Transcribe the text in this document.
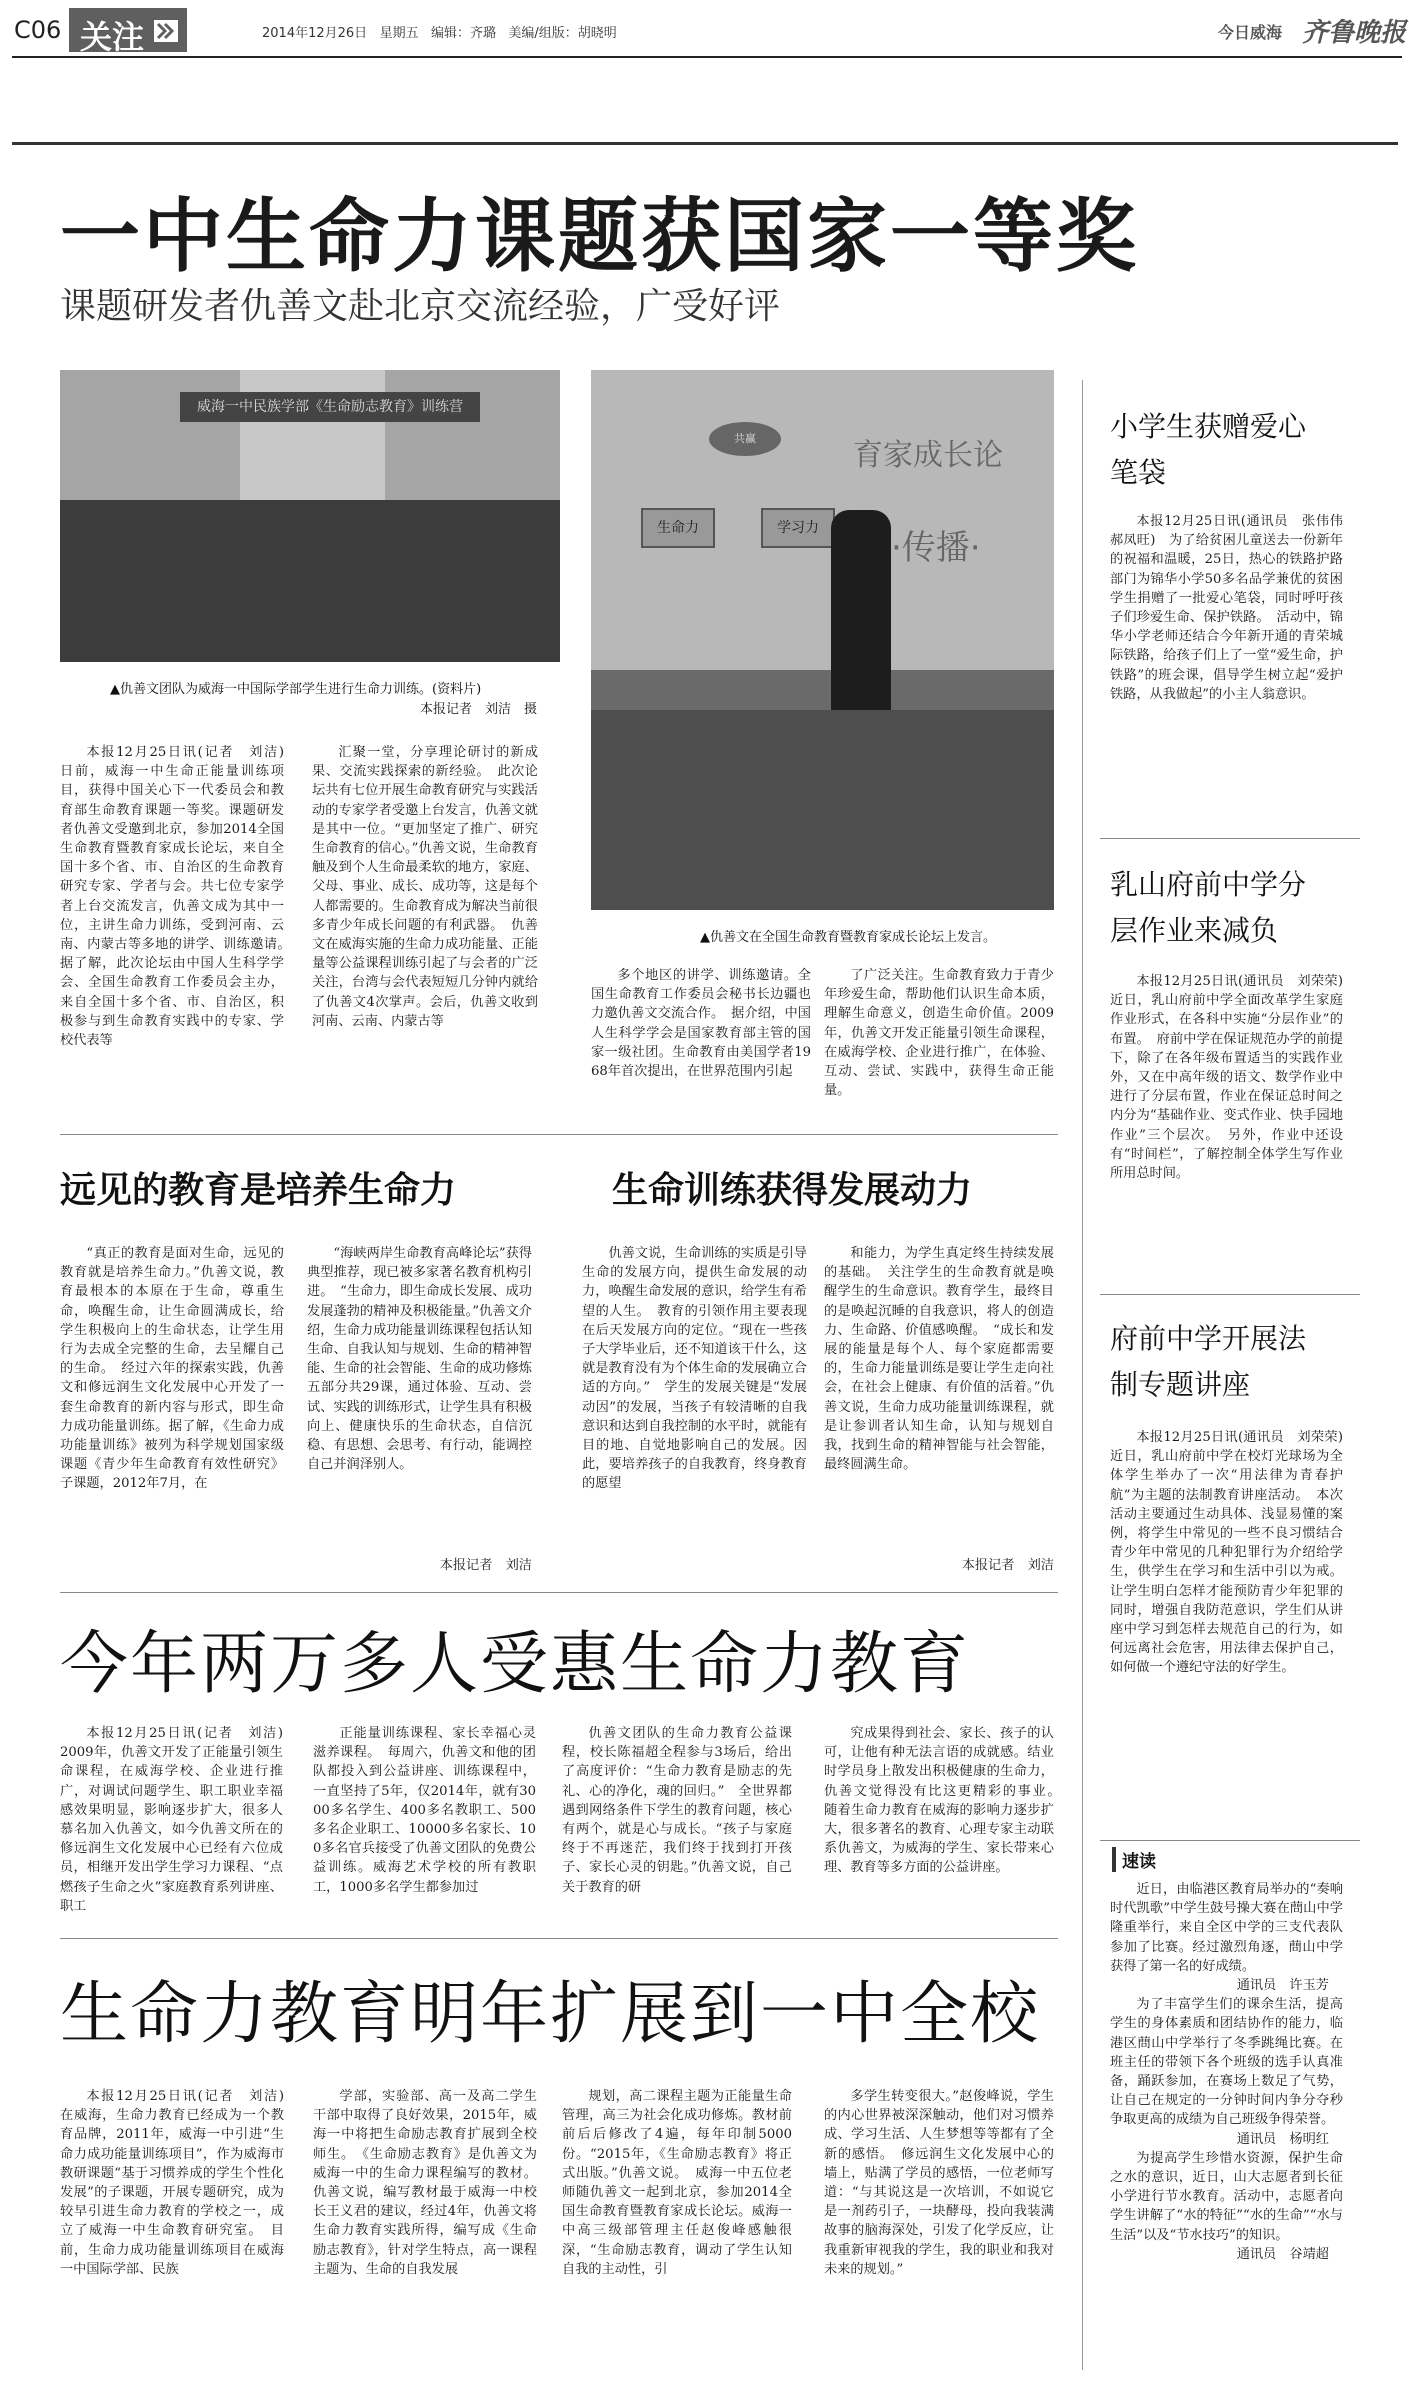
C06 关注	2014年12月26日 星期五 编辑：齐璐 美编/组版：胡晓明	今日威海 齐鲁晚报
一中生命力课题获国家一等奖
课题研发者仇善文赴北京交流经验，广受好评
威海一中民族学部《生命励志教育》训练营
▲仇善文团队为威海一中国际学部学生进行生命力训练。(资料片)
本报记者　刘洁　摄
共赢
生命力	学习力
育家成长论
·传播·
▲仇善文在全国生命教育暨教育家成长论坛上发言。

本报12月25日讯(记者　刘洁)　日前，威海一中生命正能量训练项目，获得中国关心下一代委员会和教育部生命教育课题一等奖。课题研发者仇善文受邀到北京，参加2014全国生命教育暨教育家成长论坛，来自全国十多个省、市、自治区的生命教育研究专家、学者与会。共七位专家学者上台交流发言，仇善文成为其中一位，主讲生命力训练，受到河南、云南、内蒙古等多地的讲学、训练邀请。　据了解，此次论坛由中国人生科学学会、全国生命教育工作委员会主办，来自全国十多个省、市、自治区，积极参与到生命教育实践中的专家、学校代表等

汇聚一堂，分享理论研讨的新成果、交流实践探索的新经验。　此次论坛共有七位开展生命教育研究与实践活动的专家学者受邀上台发言，仇善文就是其中一位。“更加坚定了推广、研究生命教育的信心。”仇善文说，生命教育触及到个人生命最柔软的地方，家庭、父母、事业、成长、成功等，这是每个人都需要的。生命教育成为解决当前很多青少年成长问题的有利武器。　仇善文在威海实施的生命力成功能量、正能量等公益课程训练引起了与会者的广泛关注，台湾与会代表短短几分钟内就给了仇善文4次掌声。会后，仇善文收到河南、云南、内蒙古等

多个地区的讲学、训练邀请。全国生命教育工作委员会秘书长边疆也力邀仇善文交流合作。　据介绍，中国人生科学学会是国家教育部主管的国家一级社团。生命教育由美国学者1968年首次提出，在世界范围内引起

了广泛关注。生命教育致力于青少年珍爱生命，帮助他们认识生命本质，理解生命意义，创造生命价值。2009年，仇善文开发正能量引领生命课程，在威海学校、企业进行推广，在体验、互动、尝试、实践中，获得生命正能量。

远见的教育是培养生命力

“真正的教育是面对生命，远见的教育就是培养生命力。”仇善文说，教育最根本的本原在于生命，尊重生命，唤醒生命，让生命圆满成长，给学生积极向上的生命状态，让学生用行为去成全完整的生命，去呈耀自己的生命。　经过六年的探索实践，仇善文和修远润生文化发展中心开发了一套生命教育的新内容与形式，即生命力成功能量训练。据了解，《生命力成功能量训练》被列为科学规划国家级课题《青少年生命教育有效性研究》子课题，2012年7月，在

“海峡两岸生命教育高峰论坛”获得典型推荐，现已被多家著名教育机构引进。　“生命力，即生命成长发展、成功发展蓬勃的精神及积极能量。”仇善文介绍，生命力成功能量训练课程包括认知生命、自我认知与规划、生命的精神智能、生命的社会智能、生命的成功修炼五部分共29课，通过体验、互动、尝试、实践的训练形式，让学生具有积极向上、健康快乐的生命状态，自信沉稳、有思想、会思考、有行动，能调控自己并润泽别人。

本报记者　刘洁
生命训练获得发展动力

仇善文说，生命训练的实质是引导生命的发展方向，提供生命发展的动力，唤醒生命发展的意识，给学生有希望的人生。　教育的引领作用主要表现在后天发展方向的定位。“现在一些孩子大学毕业后，还不知道该干什么，这就是教育没有为个体生命的发展确立合适的方向。”　学生的发展关键是“发展动因”的发展，当孩子有较清晰的自我意识和达到自我控制的水平时，就能有目的地、自觉地影响自己的发展。因此，要培养孩子的自我教育，终身教育的愿望

和能力，为学生真定终生持续发展的基础。　关注学生的生命教育就是唤醒学生的生命意识。教育学生，最终目的是唤起沉睡的自我意识，将人的创造力、生命路、价值感唤醒。　“成长和发展的能量是每个人、每个家庭都需要的，生命力能量训练是要让学生走向社会，在社会上健康、有价值的活着。”仇善文说，生命力成功能量训练课程，就是让参训者认知生命，认知与规划自我，找到生命的精神智能与社会智能，最终圆满生命。

本报记者　刘洁
今年两万多人受惠生命力教育

本报12月25日讯(记者　刘洁)　2009年，仇善文开发了正能量引领生命课程，在威海学校、企业进行推广，对调试问题学生、职工职业幸福感效果明显，影响逐步扩大，很多人慕名加入仇善文，如今仇善文所在的修远润生文化发展中心已经有六位成员，相继开发出学生学习力课程、“点燃孩子生命之火”家庭教育系列讲座、职工

正能量训练课程、家长幸福心灵滋养课程。　每周六，仇善文和他的团队都投入到公益讲座、训练课程中，一直坚持了5年，仅2014年，就有3000多名学生、400多名教职工、500多名企业职工、10000多名家长、100多名官兵接受了仇善文团队的免费公益训练。威海艺术学校的所有教职工，1000多名学生都参加过

仇善文团队的生命力教育公益课程，校长陈福超全程参与3场后，给出了高度评价：“生命力教育是励志的先礼、心的净化，魂的回归。”　全世界都遇到网络条件下学生的教育问题，核心有两个，就是心与成长。“孩子与家庭终于不再迷茫，我们终于找到打开孩子、家长心灵的钥匙。”仇善文说，自己关于教育的研

究成果得到社会、家长、孩子的认可，让他有种无法言语的成就感。结业时学员身上散发出积极健康的生命力，仇善文觉得没有比这更精彩的事业。　随着生命力教育在威海的影响力逐步扩大，很多著名的教育、心理专家主动联系仇善文，为威海的学生、家长带来心理、教育等多方面的公益讲座。

生命力教育明年扩展到一中全校

本报12月25日讯(记者　刘洁)　在威海，生命力教育已经成为一个教育品牌，2011年，威海一中引进“生命力成功能量训练项目”，作为威海市教研课题“基于习惯养成的学生个性化发展”的子课题，开展专题研究，成为较早引进生命力教育的学校之一，成立了威海一中生命教育研究室。　目前，生命力成功能量训练项目在威海一中国际学部、民族

学部，实验部、高一及高二学生干部中取得了良好效果，2015年，威海一中将把生命励志教育扩展到全校师生。　《生命励志教育》是仇善文为威海一中的生命力课程编写的教材。仇善文说，编写教材最于威海一中校长王义君的建议，经过4年，仇善文将生命力教育实践所得，编写成《生命励志教育》，针对学生特点，高一课程主题为、生命的自我发展

规划，高二课程主题为正能量生命管理，高三为社会化成功修炼。教材前前后后修改了4遍，每年印制5000份。“2015年，《生命励志教育》将正式出版。”仇善文说。　威海一中五位老师随仇善文一起到北京，参加2014全国生命教育暨教育家成长论坛。威海一中高三级部管理主任赵俊峰感触很深，“生命励志教育，调动了学生认知自我的主动性，引

多学生转变很大。”赵俊峰说，学生的内心世界被深深触动，他们对习惯养成、学习生活、人生梦想等等都有了全新的感悟。　修远润生文化发展中心的墙上，贴满了学员的感悟，一位老师写道：“与其说这是一次培训，不如说它是一剂药引子，一块酵母，投向我装满故事的脑海深处，引发了化学反应，让我重新审视我的学生，我的职业和我对未来的规划。”

小学生获赠爱心笔袋

本报12月25日讯(通讯员　张伟伟　郝凤旺)　为了给贫困儿童送去一份新年的祝福和温暖，25日，热心的铁路护路部门为锦华小学50多名品学兼优的贫困学生捐赠了一批爱心笔袋，同时呼吁孩子们珍爱生命、保护铁路。　活动中，锦华小学老师还结合今年新开通的青荣城际铁路，给孩子们上了一堂“爱生命，护铁路”的班会课，倡导学生树立起“爱护铁路，从我做起”的小主人翁意识。

乳山府前中学分层作业来减负

本报12月25日讯(通讯员　刘荣荣)　近日，乳山府前中学全面改革学生家庭作业形式，在各科中实施“分层作业”的布置。　府前中学在保证规范办学的前提下，除了在各年级布置适当的实践作业外，又在中高年级的语文、数学作业中进行了分层布置，作业在保证总时间之内分为“基础作业、变式作业、快手园地作业”三个层次。　另外，作业中还设有“时间栏”，了解控制全体学生写作业所用总时间。

府前中学开展法制专题讲座

本报12月25日讯(通讯员　刘荣荣)　近日，乳山府前中学在校灯光球场为全体学生举办了一次“用法律为青春护航”为主题的法制教育讲座活动。　本次活动主要通过生动具体、浅显易懂的案例，将学生中常见的一些不良习惯结合青少年中常见的几种犯罪行为介绍给学生，供学生在学习和生活中引以为戒。让学生明白怎样才能预防青少年犯罪的同时，增强自我防范意识，学生们从讲座中学习到怎样去规范自己的行为，如何远离社会危害，用法律去保护自己，如何做一个遵纪守法的好学生。

速读

近日，由临港区教育局举办的“奏响时代凯歌”中学生鼓号操大赛在蔄山中学隆重举行，来自全区中学的三支代表队参加了比赛。经过激烈角逐，蔄山中学获得了第一名的好成绩。

通讯员　许玉芳

为了丰富学生们的课余生活，提高学生的身体素质和团结协作的能力，临港区蔄山中学举行了冬季跳绳比赛。在班主任的带领下各个班级的选手认真准备，踊跃参加，在赛场上数足了气势，让自己在规定的一分钟时间内争分夺秒争取更高的成绩为自己班级争得荣誉。

通讯员　杨明红

为提高学生珍惜水资源，保护生命之水的意识，近日，山大志愿者到长征小学进行节水教育。活动中，志愿者向学生讲解了“水的特征”“水的生命”“水与生活”以及“节水技巧”的知识。

通讯员　谷靖超
